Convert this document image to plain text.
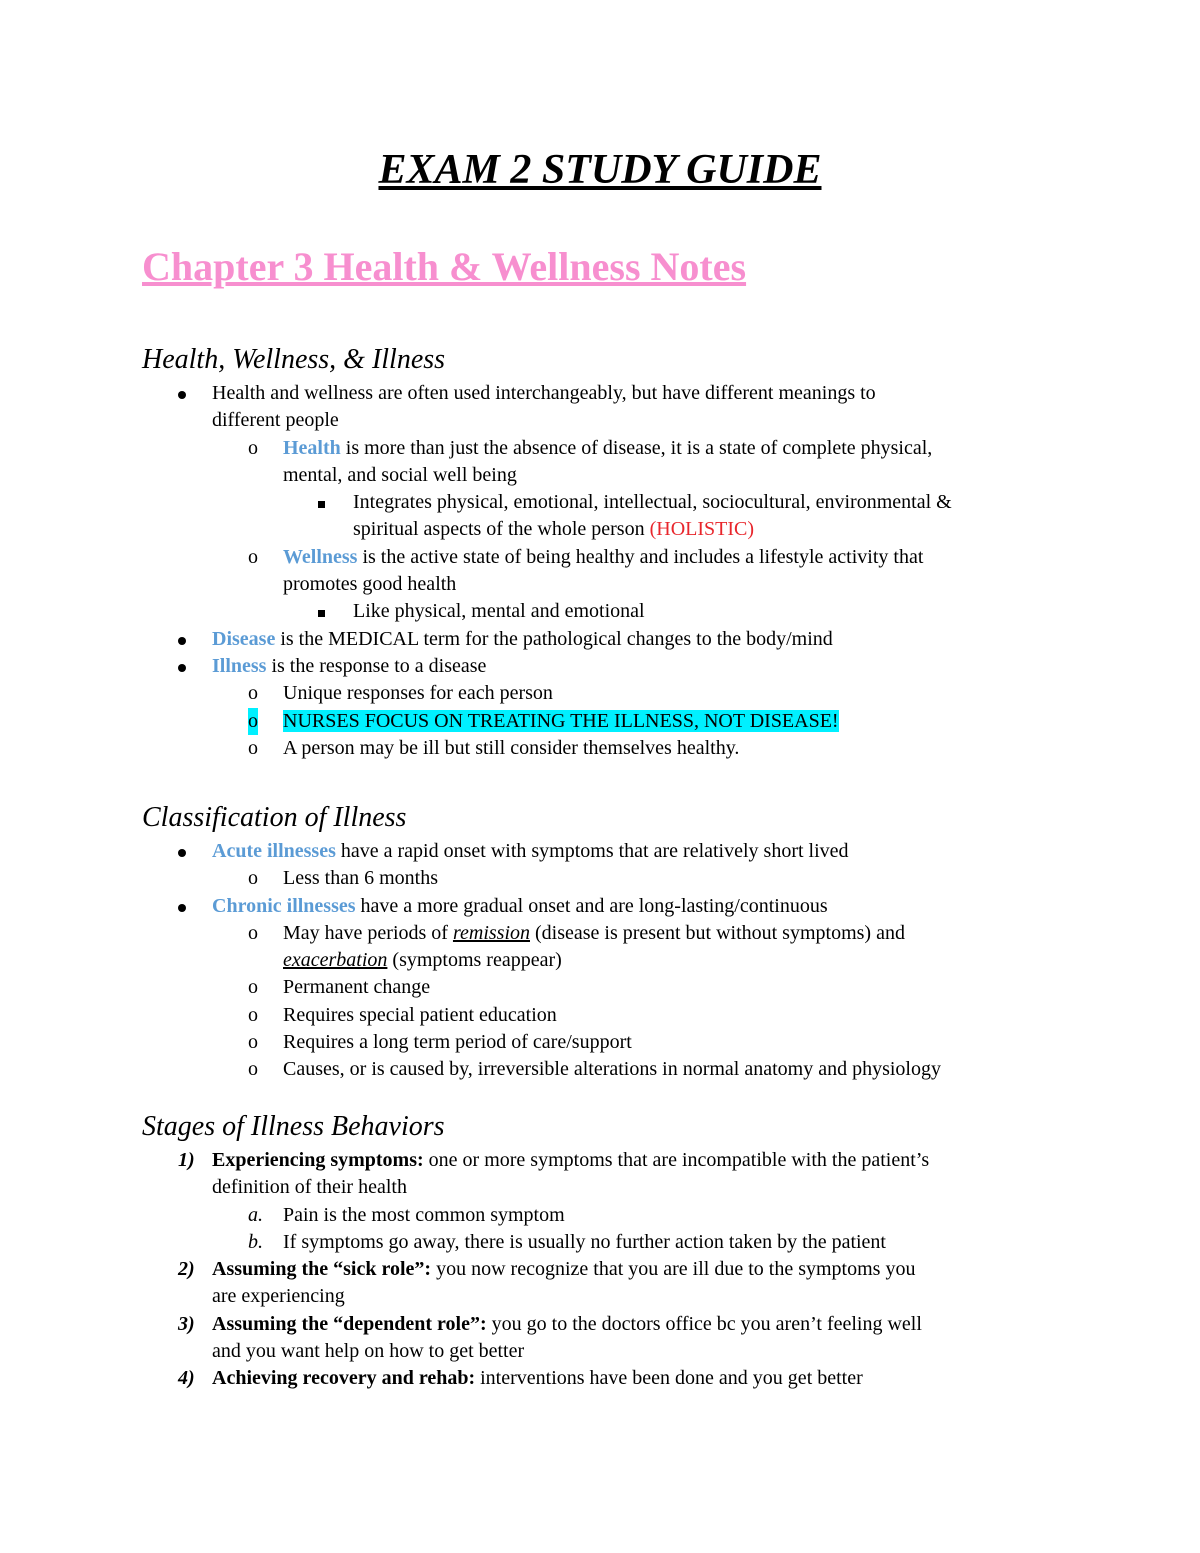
EXAM 2 STUDY GUIDE
Chapter 3 Health & Wellness Notes
Health, Wellness, & Illness
Health and wellness are often used interchangeably, but have different meanings to
different people
o Health is more than just the absence of disease, it is a state of complete physical,
mental, and social well being
Integrates physical, emotional, intellectual, sociocultural, environmental &
spiritual aspects of the whole person (HOLISTIC)
o Wellness is the active state of being healthy and includes a lifestyle activity that
promotes good health
Like physical, mental and emotional
Disease is the MEDICAL term for the pathological changes to the body/mind
Illness is the response to a disease
o Unique responses for each person
o NURSES FOCUS ON TREATING THE ILLNESS, NOT DISEASE!
o A person may be ill but still consider themselves healthy.
Classification of Illness
Acute illnesses have a rapid onset with symptoms that are relatively short lived
o Less than 6 months
Chronic illnesses have a more gradual onset and are long-lasting/continuous
o May have periods of remission (disease is present but without symptoms) and
exacerbation (symptoms reappear)
o Permanent change
o Requires special patient education
o Requires a long term period of care/support
o Causes, or is caused by, irreversible alterations in normal anatomy and physiology
Stages of Illness Behaviors
1) Experiencing symptoms: one or more symptoms that are incompatible with the patient’s
definition of their health
a. Pain is the most common symptom
b. If symptoms go away, there is usually no further action taken by the patient
2) Assuming the “sick role”: you now recognize that you are ill due to the symptoms you
are experiencing
3) Assuming the “dependent role”: you go to the doctors office bc you aren’t feeling well
and you want help on how to get better
4) Achieving recovery and rehab: interventions have been done and you get better
